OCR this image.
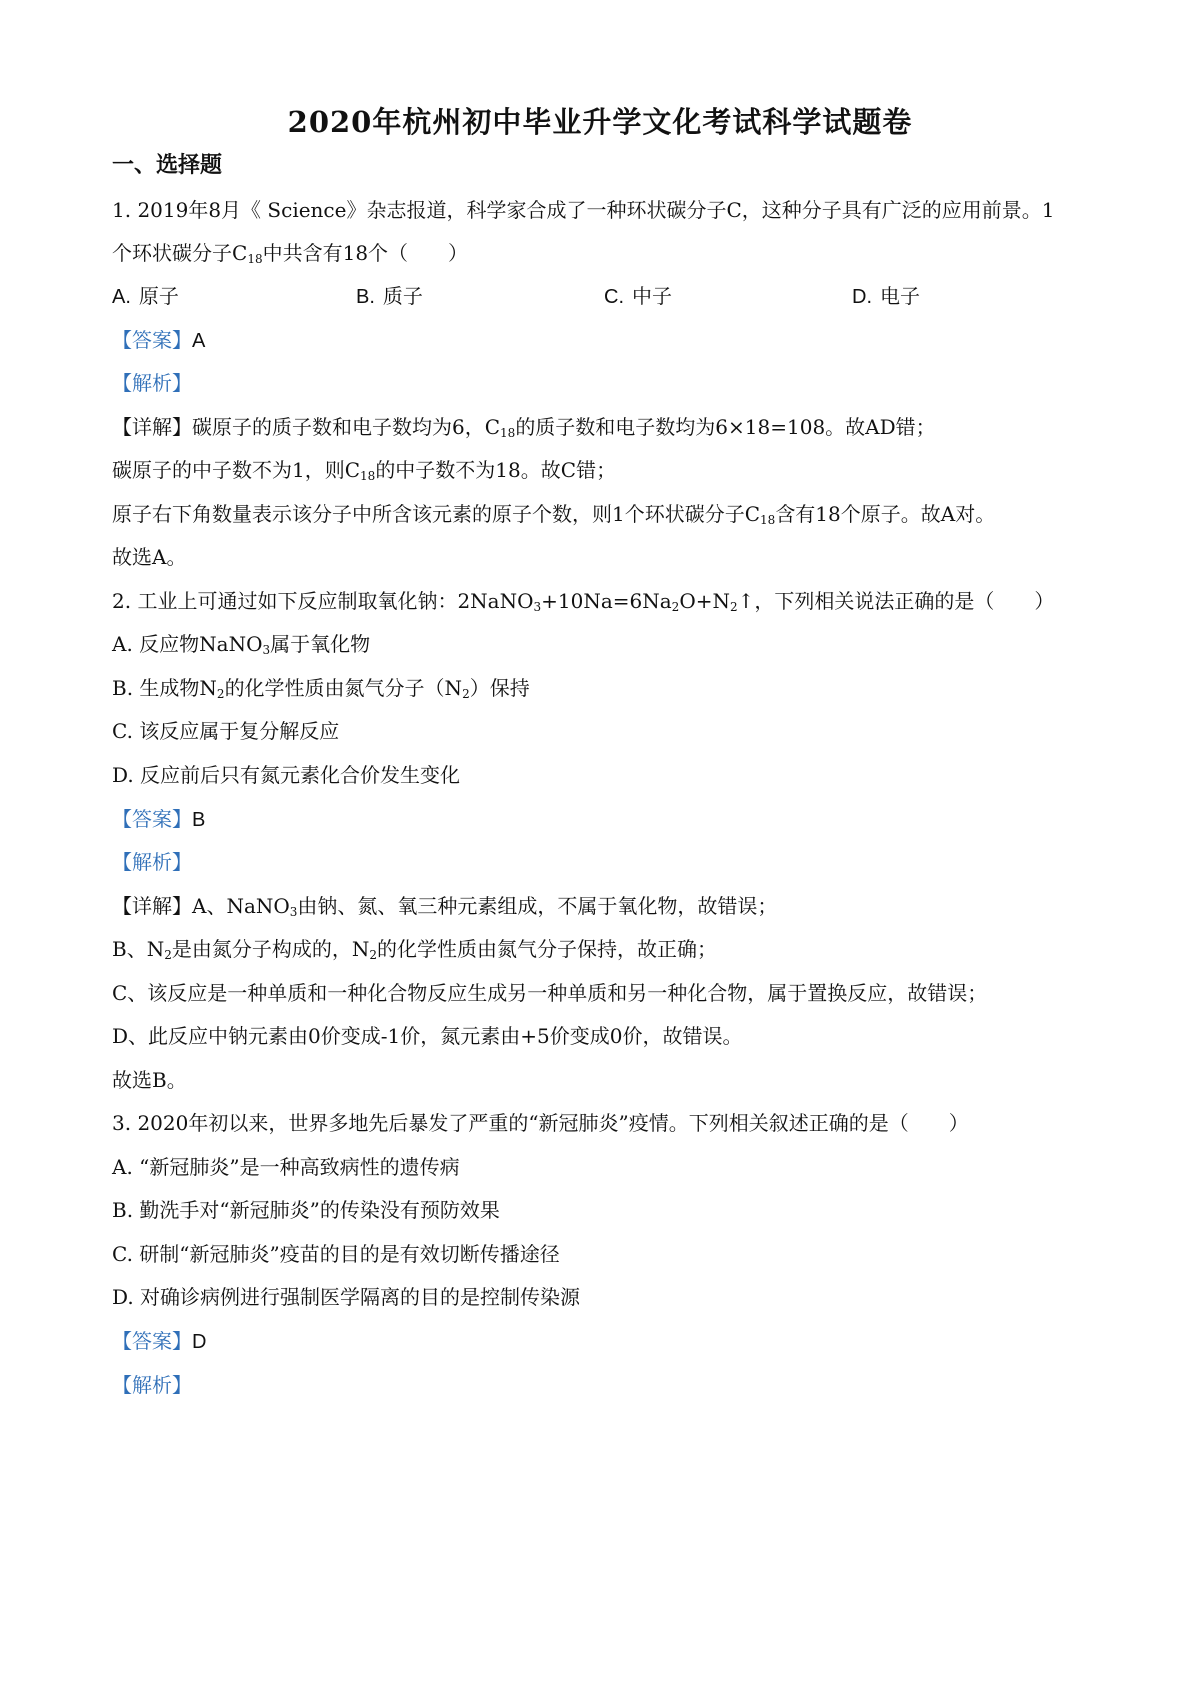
2020年杭州初中毕业升学文化考试科学试题卷
一、选择题
1. 2019年8月《 Science》杂志报道，科学家合成了一种环状碳分子C，这种分子具有广泛的应用前景。1
个环状碳分子$C_{18}$中共含有18个（　　）
A. 原子	B. 质子	C. 中子	D. 电子
【答案】A
【解析】
【详解】碳原子的质子数和电子数均为6，$C_{18}$的质子数和电子数均为6×18=108。故AD错；
碳原子的中子数不为1，则$C_{18}$的中子数不为18。故C错；
原子右下角数量表示该分子中所含该元素的原子个数，则1个环状碳分子$C_{18}$含有18个原子。故A对。
故选A。
2. 工业上可通过如下反应制取氧化钠：$2NaNO_3+10Na=6Na_2O+N_2↑$，下列相关说法正确的是（　　）
A. 反应物NaNO$_3$属于氧化物
B. 生成物$N_2$的化学性质由氮气分子$(N_2)$保持
C. 该反应属于复分解反应
D. 反应前后只有氮元素化合价发生变化
【答案】B
【解析】
【详解】A、NaNO$_3$由钠、氮、氧三种元素组成，不属于氧化物，故错误；
B、$N_2$是由氮分子构成的，$N_2$的化学性质由氮气分子保持，故正确；
C、该反应是一种单质和一种化合物反应生成另一种单质和另一种化合物，属于置换反应，故错误；
D、此反应中钠元素由0价变成-1价，氮元素由+5价变成0价，故错误。
故选B。
3. 2020年初以来，世界多地先后暴发了严重的“新冠肺炎”疫情。下列相关叙述正确的是（　　）
A. “新冠肺炎”是一种高致病性的遗传病
B. 勤洗手对“新冠肺炎”的传染没有预防效果
C. 研制“新冠肺炎”疫苗的目的是有效切断传播途径
D. 对确诊病例进行强制医学隔离的目的是控制传染源
【答案】D
【解析】
